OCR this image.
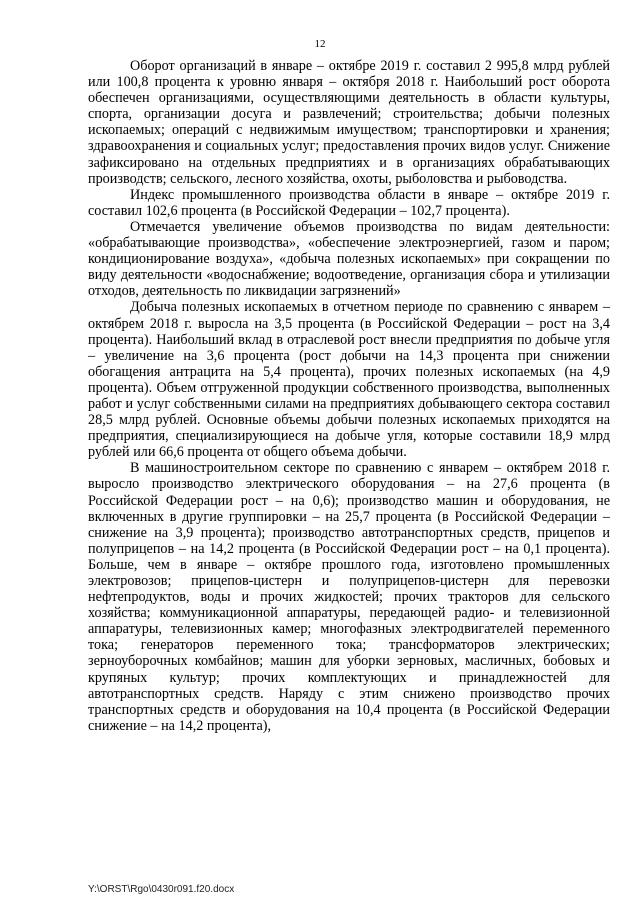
12

Оборот организаций в январе – октябре 2019 г. составил 2 995,8 млрд рублей или 100,8 процента к уровню января – октября 2018 г. Наибольший рост оборота обеспечен организациями, осуществляющими деятельность в области культуры, спорта, организации досуга и развлечений; строительства; добычи полезных ископаемых; операций с недвижимым имуществом; транспортировки и хранения; здравоохранения и социальных услуг; предоставления прочих видов услуг. Снижение зафиксировано на отдельных предприятиях и в организациях обрабатывающих производств; сельского, лесного хозяйства, охоты, рыболовства и рыбоводства.

Индекс промышленного производства области в январе – октябре 2019 г. составил 102,6 процента (в Российской Федерации – 102,7 процента).

Отмечается увеличение объемов производства по видам деятельности: «обрабатывающие производства», «обеспечение электроэнергией, газом и паром; кондиционирование воздуха», «добыча полезных ископаемых» при сокращении по виду деятельности «водоснабжение; водоотведение, организация сбора и утилизации отходов, деятельность по ликвидации загрязнений»

Добыча полезных ископаемых в отчетном периоде по сравнению с январем – октябрем 2018 г. выросла на 3,5 процента (в Российской Федерации – рост на 3,4 процента). Наибольший вклад в отраслевой рост внесли предприятия по добыче угля – увеличение на 3,6 процента (рост добычи на 14,3 процента при снижении обогащения антрацита на 5,4 процента), прочих полезных ископаемых (на 4,9 процента). Объем отгруженной продукции собственного производства, выполненных работ и услуг собственными силами на предприятиях добывающего сектора составил 28,5 млрд рублей. Основные объемы добычи полезных ископаемых приходятся на предприятия, специализирующиеся на добыче угля, которые составили 18,9 млрд рублей или 66,6 процента от общего объема добычи.

В машиностроительном секторе по сравнению с январем – октябрем 2018 г. выросло производство электрического оборудования – на 27,6 процента (в Российской Федерации рост – на 0,6); производство машин и оборудования, не включенных в другие группировки – на 25,7 процента (в Российской Федерации – снижение на 3,9 процента); производство автотранспортных средств, прицепов и полуприцепов – на 14,2 процента (в Российской Федерации рост – на 0,1 процента). Больше, чем в январе – октябре прошлого года, изготовлено промышленных электровозов; прицепов-цистерн и полуприцепов-цистерн для перевозки нефтепродуктов, воды и прочих жидкостей; прочих тракторов для сельского хозяйства; коммуникационной аппаратуры, передающей радио- и телевизионной аппаратуры, телевизионных камер; многофазных электродвигателей переменного тока; генераторов переменного тока; трансформаторов электрических; зерноуборочных комбайнов; машин для уборки зерновых, масличных, бобовых и крупяных культур; прочих комплектующих и принадлежностей для автотранспортных средств. Наряду с этим снижено производство прочих транспортных средств и оборудования на 10,4 процента (в Российской Федерации снижение – на 14,2 процента),

Y:\ORST\Rgo\0430r091.f20.docx
